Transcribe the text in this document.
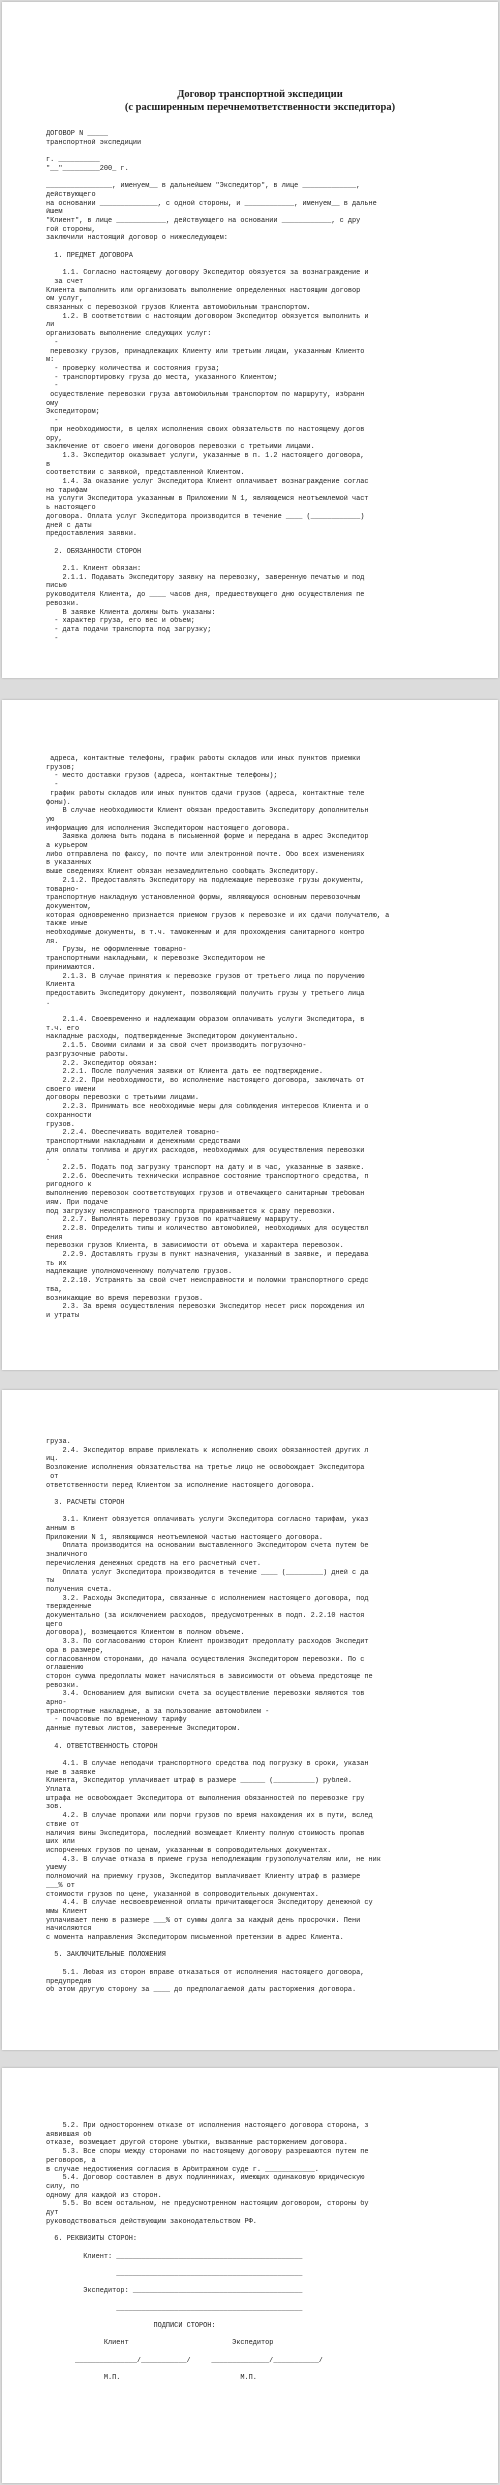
Договор транспортной экспедиции
(с расширенным перечнемответственности экспедитора)
ДОГОВОР N _____
транспортной экспедиции
г. __________
"__"_________200_ г.
________________, именуем__ в дальнейшем "Экспедитор", в лице _____________,
действующего
на основании ______________, с одной стороны, и ____________, именуем__ в дальне
йшем
"Клиент", в лице ____________, действующего на основании ____________, с дру
гой стороны,
заключили настоящий договор о нижеследующем:
1. ПРЕДМЕТ ДОГОВОРА
1.1. Согласно настоящему договору Экспедитор обязуется за вознаграждение и
за счет
Клиента выполнить или организовать выполнение определенных настоящим договор
ом услуг,
связанных с перевозкой грузов Клиента автомобильным транспортом.
1.2. В соответствии с настоящим договором Экспедитор обязуется выполнить и
ли
организовать выполнение следующих услуг:
-
перевозку грузов, принадлежащих Клиенту или третьим лицам, указанным Клиенто
м:
- проверку количества и состояния груза;
- транспортировку груза до места, указанного Клиентом;
-
осуществление перевозки груза автомобильным транспортом по маршруту, избранн
ому
Экспедитором;
-
при необходимости, в целях исполнения своих обязательств по настоящему догов
ору,
заключение от своего имени договоров перевозки с третьими лицами.
1.3. Экспедитор оказывает услуги, указанные в п. 1.2 настоящего договора,
в
соответствии с заявкой, представленной Клиентом.
1.4. За оказание услуг Экспедитора Клиент оплачивает вознаграждение соглас
но тарифам
на услуги Экспедитора указанным в Приложении N 1, являющемся неотъемлемой част
ь настоящего
договора. Оплата услуг Экспедитора производится в течение ____ (____________)
дней с даты
предоставления заявки.
2. ОБЯЗАННОСТИ СТОРОН
2.1. Клиент обязан:
2.1.1. Подавать Экспедитору заявку на перевозку, заверенную печатью и под
писью
руководителя Клиента, до ____ часов дня, предшествующего дню осуществления пе
ревозки.
В заявке Клиента должны быть указаны:
- характер груза, его вес и объем;
- дата подачи транспорта под загрузку;
-
адреса, контактные телефоны, график работы складов или иных пунктов приемки
грузов;
- место доставки грузов (адреса, контактные телефоны);
-
график работы складов или иных пунктов сдачи грузов (адреса, контактные теле
фоны).
В случае необходимости Клиент обязан предоставить Экспедитору дополнительн
ую
информацию для исполнения Экспедитором настоящего договора.
Заявка должна быть подана в письменной форме и передана в адрес Экспедитор
а курьером
либо отправлена по факсу, по почте или электронной почте. Обо всех изменениях
в указанных
выше сведениях Клиент обязан незамедлительно сообщать Экспедитору.
2.1.2. Предоставлять Экспедитору на подлежащие перевозке грузы документы,
товарно-
транспортную накладную установленной формы, являющуюся основным перевозочным
документом,
которая одновременно признается приемом грузов к перевозке и их сдачи получателю, а
также иные
необходимые документы, в т.ч. таможенным и для прохождения санитарного контро
ля.
Грузы, не оформленные товарно-
транспортными накладными, к перевозке Экспедитором не
принимаются.
2.1.3. В случае принятия к перевозке грузов от третьего лица по поручению
Клиента
предоставить Экспедитору документ, позволяющий получить грузы у третьего лица
.
2.1.4. Своевременно и надлежащим образом оплачивать услуги Экспедитора, в
т.ч. его
накладные расходы, подтвержденные Экспедитором документально.
2.1.5. Своими силами и за свой счет производить погрузочно-
разгрузочные работы.
2.2. Экспедитор обязан:
2.2.1. После получения заявки от Клиента дать ее подтверждение.
2.2.2. При необходимости, во исполнение настоящего договора, заключать от
своего имени
договоры перевозки с третьими лицами.
2.2.3. Принимать все необходимые меры для соблюдения интересов Клиента и о
сохранности
грузов.
2.2.4. Обеспечивать водителей товарно-
транспортными накладными и денежными средствами
для оплаты топлива и других расходов, необходимых для осуществления перевозки
.
2.2.5. Подать под загрузку транспорт на дату и в час, указанные в заявке.
2.2.6. Обеспечить технически исправное состояние транспортного средства, п
ригодного к
выполнению перевозок соответствующих грузов и отвечающего санитарным требован
иям. При подаче
под загрузку неисправного транспорта приравнивается к сраву перевозки.
2.2.7. Выполнять перевозку грузов по кратчайшему маршруту.
2.2.8. Определить типы и количество автомобилей, необходимых для осуществл
ения
перевозки грузов Клиента, в зависимости от объема и характера перевозок.
2.2.9. Доставлять грузы в пункт назначения, указанный в заявке, и передава
ть их
надлежащие уполномоченному получателю грузов.
2.2.10. Устранять за свой счет неисправности и поломки транспортного средс
тва,
возникающие во время перевозки грузов.
2.3. За время осуществления перевозки Экспедитор несет риск порождения ил
и утраты
груза.
2.4. Экспедитор вправе привлекать к исполнению своих обязанностей других л
иц.
Возложение исполнения обязательства на третье лицо не освобождает Экспедитора
от
ответственности перед Клиентом за исполнение настоящего договора.
3. РАСЧЕТЫ СТОРОН
3.1. Клиент обязуется оплачивать услуги Экспедитора согласно тарифам, указ
анным в
Приложении N 1, являющимся неотъемлемой частью настоящего договора.
Оплата производится на основании выставленного Экспедитором счета путем бе
зналичного
перечисления денежных средств на его расчетный счет.
Оплата услуг Экспедитора производится в течение ____ (_________) дней с да
ты
получения счета.
3.2. Расходы Экспедитора, связанные с исполнением настоящего договора, под
твержденные
документально (за исключением расходов, предусмотренных в подп. 2.2.10 настоя
щего
договора), возмещаются Клиентом в полном объеме.
3.3. По согласованию сторон Клиент производит предоплату расходов Экспедит
ора в размере,
согласованном сторонами, до начала осуществления Экспедитором перевозки. По с
оглашению
сторон сумма предоплаты может начисляться в зависимости от объема предстояще пе
ревозки.
3.4. Основанием для выписки счета за осуществление перевозки являются тов
арно-
транспортные накладные, а за пользование автомобилем -
- почасовые по временному тарифу
данные путевых листов, заверенные Экспедитором.
4. ОТВЕТСТВЕННОСТЬ СТОРОН
4.1. В случае неподачи транспортного средства под погрузку в сроки, указан
ные в заявке
Клиента, Экспедитор уплачивает штраф в размере ______ (__________) рублей.
Уплата
штрафа не освобождает Экспедитора от выполнения обязанностей по перевозке гру
зов.
4.2. В случае пропажи или порчи грузов по время нахождения их в пути, вслед
ствие от
наличия вины Экспедитора, последний возмещает Клиенту полную стоимость пропав
ших или
испорченных грузов по ценам, указанным в сопроводительных документах.
4.3. В случае отказа в приеме груза неподлежащим грузополучателям или, не ник
ушему
полномочий на приемку грузов, Экспедитор выплачивает Клиенту штраф в размере
___% от
стоимости грузов по цене, указанной в сопроводительных документах.
4.4. В случае несвоевременной оплаты причитающегося Экспедитору денежной су
ммы Клиент
уплачивает пеню в размере ___% от суммы долга за каждый день просрочки. Пени
начисляются
с момента направления Экспедитором письменной претензии в адрес Клиента.
5. ЗАКЛЮЧИТЕЛЬНЫЕ ПОЛОЖЕНИЯ
5.1. Любая из сторон вправе отказаться от исполнения настоящего договора,
предупредив
об этом другую сторону за ____ до предполагаемой даты расторжения договора.
5.2. При одностороннем отказе от исполнения настоящего договора сторона, з
аявившая об
отказе, возмещает другой стороне убытки, вызванные расторжением договора.
5.3. Все споры между сторонами по настоящему договору разрешаются путем пе
реговоров, а
в случае недостижения согласия в Арбитражном суде г. ____________.
5.4. Договор составлен в двух подлинниках, имеющих одинаковую юридическую
силу, по
одному для каждой из сторон.
5.5. Во всем остальном, не предусмотренном настоящим договором, стороны бу
дут
руководствоваться действующим законодательством РФ.
6. РЕКВИЗИТЫ СТОРОН:
Клиент: _____________________________________________
_____________________________________________
Экспедитор: _________________________________________
_____________________________________________
ПОДПИСИ СТОРОН:
Клиент                         Экспедитор
_______________/___________/     ______________/___________/
М.П.                             М.П.
